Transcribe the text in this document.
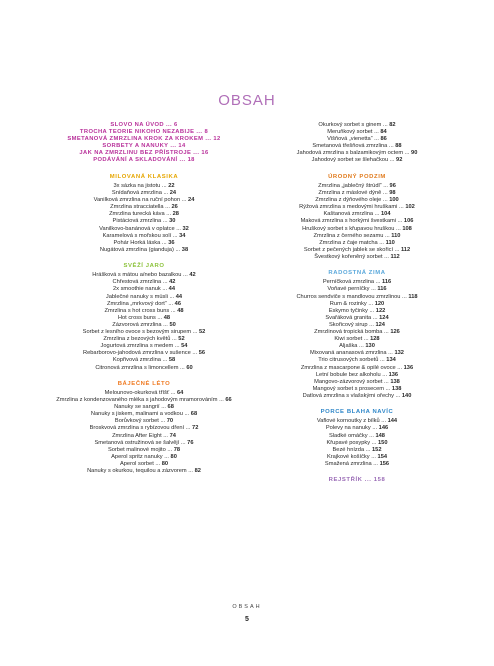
OBSAH
SLOVO NA ÚVOD ... 6
TROCHA TEORIE NIKOHO NEZABIJE ... 8
SMETANOVÁ ZMRZLINA KROK ZA KROKEM ... 12
SORBETY A NANUKY ... 14
JAK NA ZMRZLINU BEZ PŘÍSTROJE ... 16
PODÁVÁNÍ A SKLADOVÁNÍ ... 18
MILOVANÁ KLASIKA
3x sázka na jistotu ... 22
Snídaňová zmrzlina ... 24
Vanilková zmrzlina na ruční pohon ... 24
Zmrzlina stracciatella ... 26
Zmrzlina turecká káva ... 28
Pistáciová zmrzlina ... 30
Vanilkovo-banánová v oplatce ... 32
Karamelová s mořskou solí ... 34
Pohár Horká láska ... 36
Nugátová zmrzlina (gianduja) ... 38
SVĚŽÍ JARO
Hrášková s mátou a/nebo bazalkou ... 42
Chřestová zmrzlina ... 42
2x smoothie nanuk ... 44
Jablečné nanuky s müsli ... 44
Zmrzlina „mrkvový dort“ ... 46
Zmrzlina s hot cross buns ... 48
Hot cross buns ... 48
Zázvorová zmrzlina ... 50
Sorbet z lesního ovoce s bezovým sirupem ... 52
Zmrzlina z bezových květů ... 52
Jogurtová zmrzlina s medem ... 54
Rebarborovo-jahodová zmrzlina v sušence ... 56
Kopřivová zmrzlina ... 58
Citronová zmrzlina s limoncellem ... 60
BÁJEČNÉ LÉTO
Melounovo-okurková tříšť ... 64
Zmrzlina z kondenzovaného mléka s jahodovým mramorováním ... 66
Nanuky se sangrií ... 68
Nanuky s jiskem, malinami a vodkou ... 68
Borůvkový sorbet ... 70
Broskvová zmrzlina s rybízovou dření ... 72
Zmrzlina After Eight ... 74
Smetanová ostružinová se šalvějí ... 76
Sorbet malinové mojito ... 78
Aperol spritz nanuky ... 80
Aperol sorbet ... 80
Nanuky s okurkou, tequilou a zázvorem ... 82
Okurkový sorbet s ginem ... 82
Meruňkový sorbet ... 84
Višňová „vienetta“ ... 86
Smetanová třešňová zmrzlina ... 88
Jahodová zmrzlina s balzamikovým octem ... 90
Jahodový sorbet se šlehačkou ... 92
ÚRODNÝ PODZIM
Zmrzlina „jablečný štrúdl“ ... 96
Zmrzlina z máslové dýně ... 98
Zmrzlina z dýňového oleje ... 100
Rýžová zmrzlina s medovými hruškami ... 102
Kaštanová zmrzlina ... 104
Maková zmrzlina s horkými švestkami ... 106
Hruškový sorbet s křupavou hruškou ... 108
Zmrzlina z černého sezamu ... 110
Zmrzlina z čaje matcha ... 110
Sorbet z pečených jablek se skořicí ... 112
Švestkový kořeněný sorbet ... 112
RADOSTNÁ ZIMA
Perníčková zmrzlina ... 116
Voňavé perníčky ... 116
Churros sendviče s mandlovou zmrzlinou ... 118
Rum & rozinky ... 120
Eskymo tyčinky ... 122
Svařáková granita ... 124
Skořicový sirup ... 124
Zmrzlinová tropická bomba ... 126
Kiwi sorbet ... 128
Aljaška ... 130
Mixovaná ananasová zmrzlina ... 132
Trio citrusových sorbetů ... 134
Zmrzlina z mascarpone & opilé ovoce ... 136
Letní bobule bez alkoholu ... 136
Mangovo-zázvorový sorbet ... 138
Mangový sorbet s prosecem ... 138
Datlová zmrzlina s vlašskými ořechy ... 140
PORCE BLAHA NAVÍC
Vaflové kornoutky z bílků ... 144
Polevy na nanuky ... 146
Sladké omáčky ... 148
Křupavé posypky ... 150
Bezé hnízda ... 152
Krajkové košíčky ... 154
Smažená zmrzlina ... 156
REJSTŘÍK ... 158
OBSAH
5
